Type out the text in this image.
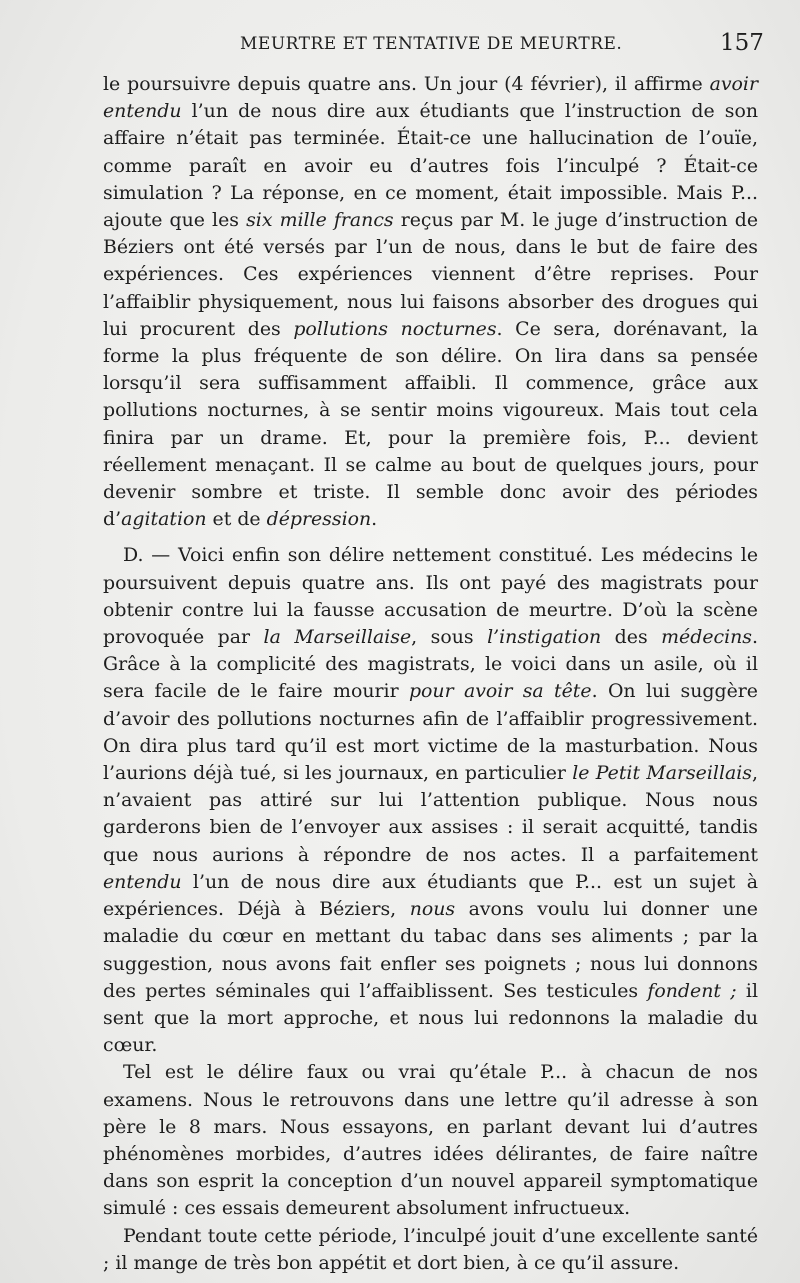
MEURTRE ET TENTATIVE DE MEURTRE.	157

le poursuivre depuis quatre ans. Un jour (4 février), il affirme avoir entendu l’un de nous dire aux étudiants que l’instruction de son affaire n’était pas terminée. Était-ce une hallucination de l’ouïe, comme paraît en avoir eu d’autres fois l’inculpé ? Était-ce simulation ? La réponse, en ce moment, était impossible. Mais P... ajoute que les six mille francs reçus par M. le juge d’instruction de Béziers ont été versés par l’un de nous, dans le but de faire des expériences. Ces expériences viennent d’être reprises. Pour l’affaiblir physiquement, nous lui faisons absorber des drogues qui lui procurent des pollutions nocturnes. Ce sera, dorénavant, la forme la plus fréquente de son délire. On lira dans sa pensée lorsqu’il sera suffisamment affaibli. Il commence, grâce aux pollutions nocturnes, à se sentir moins vigoureux. Mais tout cela finira par un drame. Et, pour la première fois, P... devient réellement menaçant. Il se calme au bout de quelques jours, pour devenir sombre et triste. Il semble donc avoir des périodes d’agitation et de dépression.

D. — Voici enfin son délire nettement constitué. Les médecins le poursuivent depuis quatre ans. Ils ont payé des magistrats pour obtenir contre lui la fausse accusation de meurtre. D’où la scène provoquée par la Marseillaise, sous l’instigation des médecins. Grâce à la complicité des magistrats, le voici dans un asile, où il sera facile de le faire mourir pour avoir sa tête. On lui suggère d’avoir des pollutions nocturnes afin de l’affaiblir progressivement. On dira plus tard qu’il est mort victime de la masturbation. Nous l’aurions déjà tué, si les journaux, en particulier le Petit Marseillais, n’avaient pas attiré sur lui l’attention publique. Nous nous garderons bien de l’envoyer aux assises : il serait acquitté, tandis que nous aurions à répondre de nos actes. Il a parfaitement entendu l’un de nous dire aux étudiants que P... est un sujet à expériences. Déjà à Béziers, nous avons voulu lui donner une maladie du cœur en mettant du tabac dans ses aliments ; par la suggestion, nous avons fait enfler ses poignets ; nous lui donnons des pertes séminales qui l’affaiblissent. Ses testicules fondent ; il sent que la mort approche, et nous lui redonnons la maladie du cœur.

Tel est le délire faux ou vrai qu’étale P... à chacun de nos examens. Nous le retrouvons dans une lettre qu’il adresse à son père le 8 mars. Nous essayons, en parlant devant lui d’autres phénomènes morbides, d’autres idées délirantes, de faire naître dans son esprit la conception d’un nouvel appareil symptomatique simulé : ces essais demeurent absolument infructueux.

Pendant toute cette période, l’inculpé jouit d’une excellente santé ; il mange de très bon appétit et dort bien, à ce qu’il assure.
